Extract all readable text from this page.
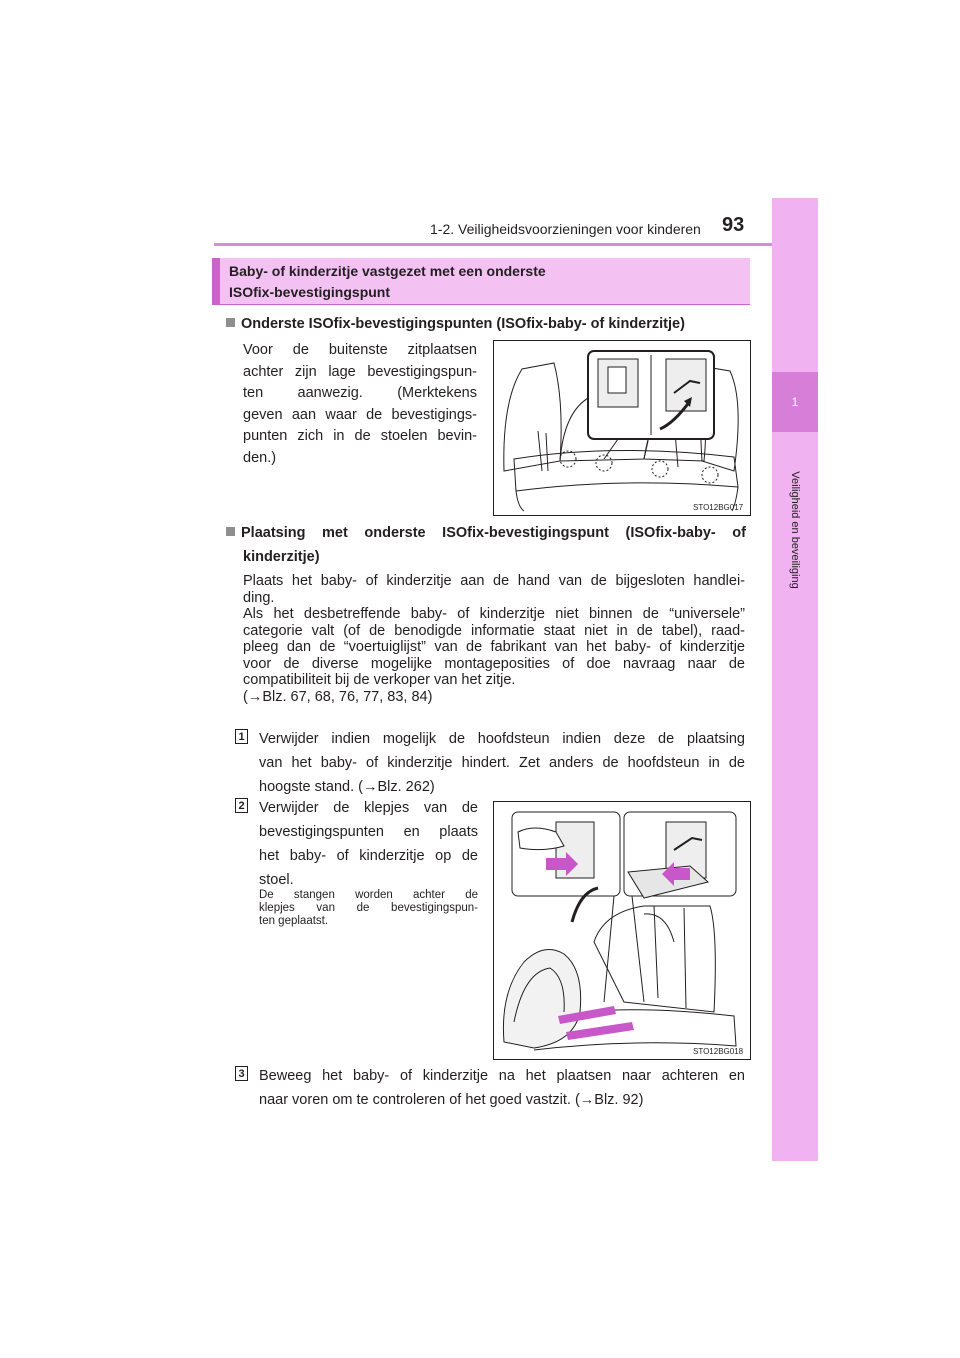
1-2. Veiligheidsvoorzieningen voor kinderen 93
1
Veiligheid en beveiliging
Baby- of kinderzitje vastgezet met een onderste
ISOfix-bevestigingspunt
Onderste ISOfix-bevestigingspunten (ISOfix-baby- of kinderzitje)
Voor de buitenste zitplaatsen
achter zijn lage bevestigingspun-
ten aanwezig. (Merktekens
geven aan waar de bevestigings-
punten zich in de stoelen bevin-
den.)
STO12BG017
Plaatsing met onderste ISOfix-bevestigingspunt (ISOfix-baby- of
kinderzitje)
Plaats het baby- of kinderzitje aan de hand van de bijgesloten handlei-
ding.
Als het desbetreffende baby- of kinderzitje niet binnen de “universele”
categorie valt (of de benodigde informatie staat niet in de tabel), raad-
pleeg dan de “voertuiglijst” van de fabrikant van het baby- of kinderzitje
voor de diverse mogelijke montageposities of doe navraag naar de
compatibiliteit bij de verkoper van het zitje.
(→Blz. 67, 68, 76, 77, 83, 84)
1 Verwijder indien mogelijk de hoofdsteun indien deze de plaatsing
van het baby- of kinderzitje hindert. Zet anders de hoofdsteun in de
hoogste stand. (→Blz. 262)
2 Verwijder de klepjes van de
bevestigingspunten en plaats
het baby- of kinderzitje op de
stoel.
De stangen worden achter de
klepjes van de bevestigingspun-
ten geplaatst.
STO12BG018
3 Beweeg het baby- of kinderzitje na het plaatsen naar achteren en
naar voren om te controleren of het goed vastzit. (→Blz. 92)
